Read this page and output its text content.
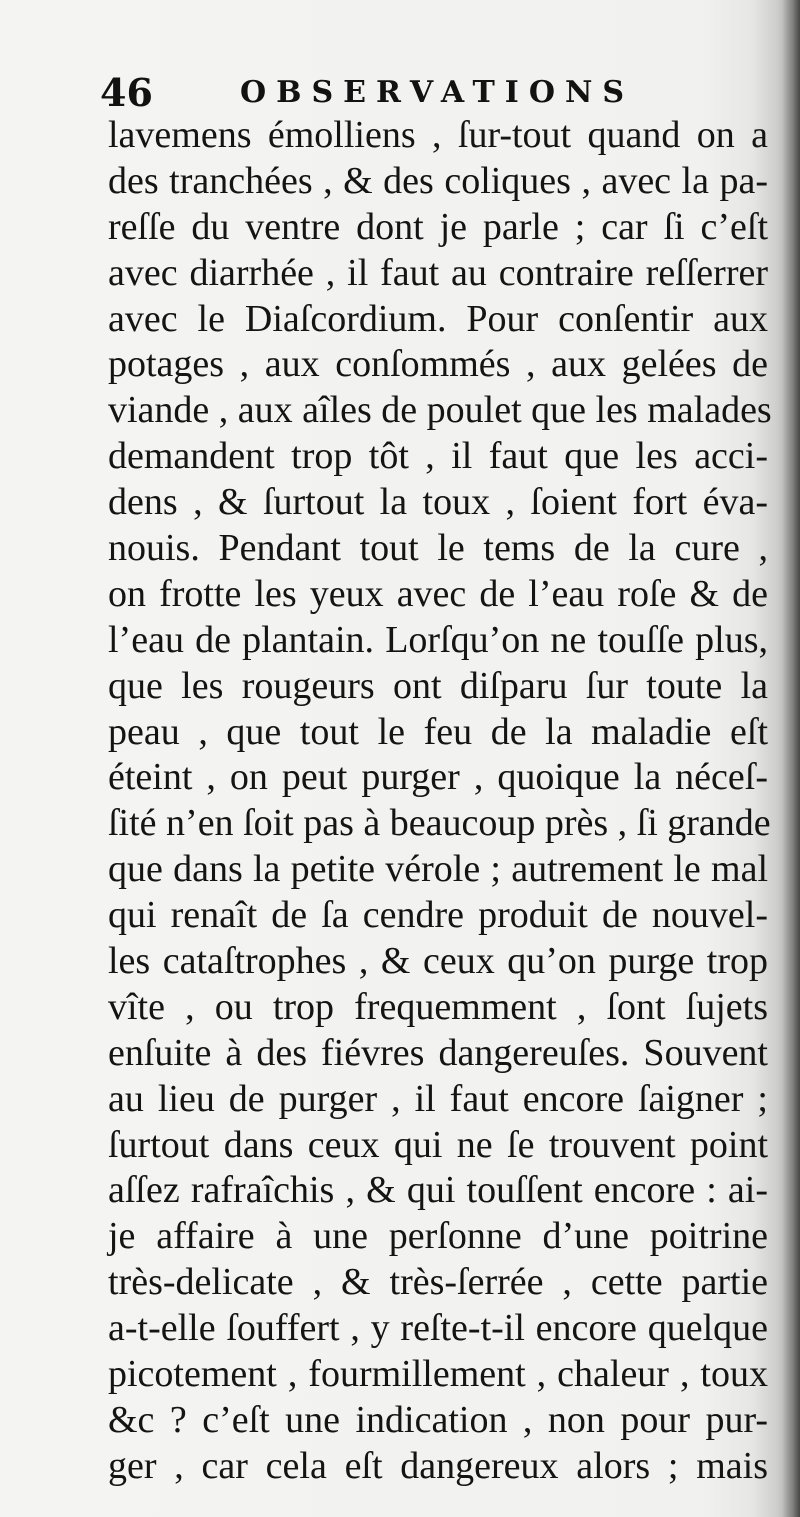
46	OBSERVATIONS
lavemens émolliens , ſur-tout quand on a
des tranchées , & des coliques , avec la pa-
reſſe du ventre dont je parle ; car ſi c’eſt
avec diarrhée , il faut au contraire reſſerrer
avec le Diaſcordium. Pour conſentir aux
potages , aux conſommés , aux gelées de
viande , aux aîles de poulet que les malades
demandent trop tôt , il faut que les acci-
dens , & ſurtout la toux , ſoient fort éva-
nouis. Pendant tout le tems de la cure ,
on frotte les yeux avec de l’eau roſe & de
l’eau de plantain. Lorſqu’on ne touſſe plus,
que les rougeurs ont diſparu ſur toute la
peau , que tout le feu de la maladie eſt
éteint , on peut purger , quoique la néceſ-
ſité n’en ſoit pas à beaucoup près , ſi grande
que dans la petite vérole ; autrement le mal
qui renaît de ſa cendre produit de nouvel-
les cataſtrophes , & ceux qu’on purge trop
vîte , ou trop frequemment , ſont ſujets
enſuite à des fiévres dangereuſes. Souvent
au lieu de purger , il faut encore ſaigner ;
ſurtout dans ceux qui ne ſe trouvent point
aſſez rafraîchis , & qui touſſent encore : ai-
je affaire à une perſonne d’une poitrine
très-delicate , & très-ſerrée , cette partie
a-t-elle ſouffert , y reſte-t-il encore quelque
picotement , fourmillement , chaleur , toux
&c ? c’eſt une indication , non pour pur-
ger , car cela eſt dangereux alors ; mais
